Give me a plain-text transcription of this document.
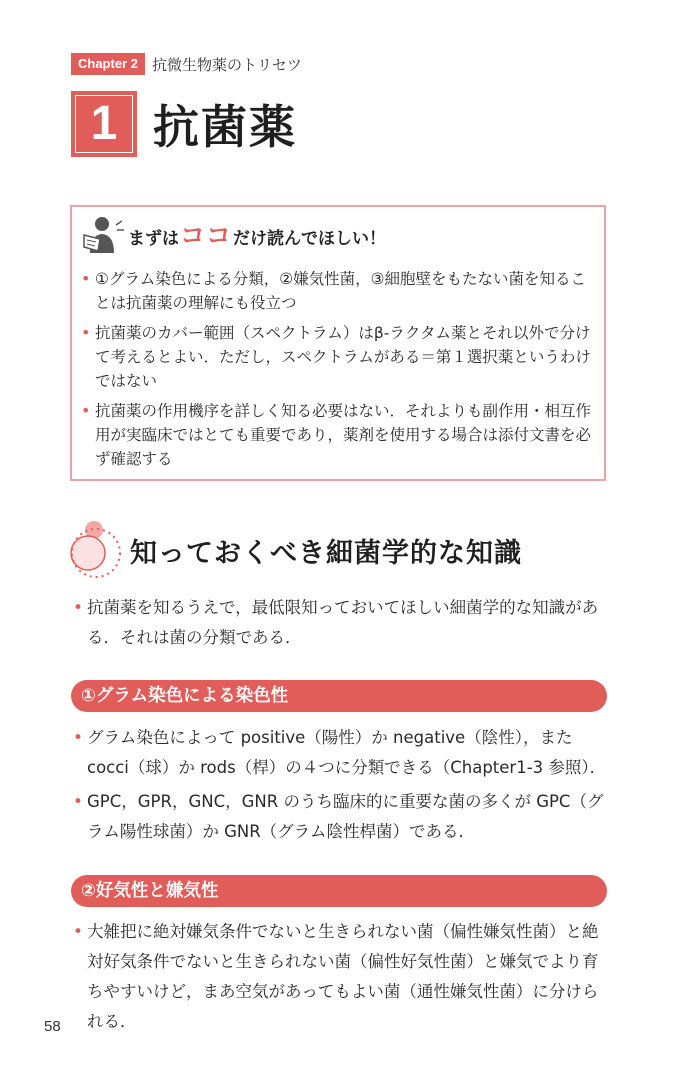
Chapter 2 抗微生物薬のトリセツ
1 抗菌薬
まずは ココ だけ読んでほしい！
• ①グラム染色による分類，②嫌気性菌，③細胞壁をもたない菌を知ることは抗菌薬の理解にも役立つ
• 抗菌薬のカバー範囲（スペクトラム）はβ-ラクタム薬とそれ以外で分けて考えるとよい．ただし，スペクトラムがある＝第１選択薬というわけではない
• 抗菌薬の作用機序を詳しく知る必要はない．それよりも副作用・相互作用が実臨床ではとても重要であり，薬剤を使用する場合は添付文書を必ず確認する
知っておくべき細菌学的な知識
• 抗菌薬を知るうえで，最低限知っておいてほしい細菌学的な知識がある．それは菌の分類である．
①グラム染色による染色性
• グラム染色によって positive（陽性）か negative（陰性），また cocci（球）か rods（桿）の４つに分類できる（Chapter1-3 参照）．
• GPC，GPR，GNC，GNR のうち臨床的に重要な菌の多くが GPC（グラム陽性球菌）か GNR（グラム陰性桿菌）である．
②好気性と嫌気性
• 大雑把に絶対嫌気条件でないと生きられない菌（偏性嫌気性菌）と絶対好気条件でないと生きられない菌（偏性好気性菌）と嫌気でより育ちやすいけど，まあ空気があってもよい菌（通性嫌気性菌）に分けられる．
58
